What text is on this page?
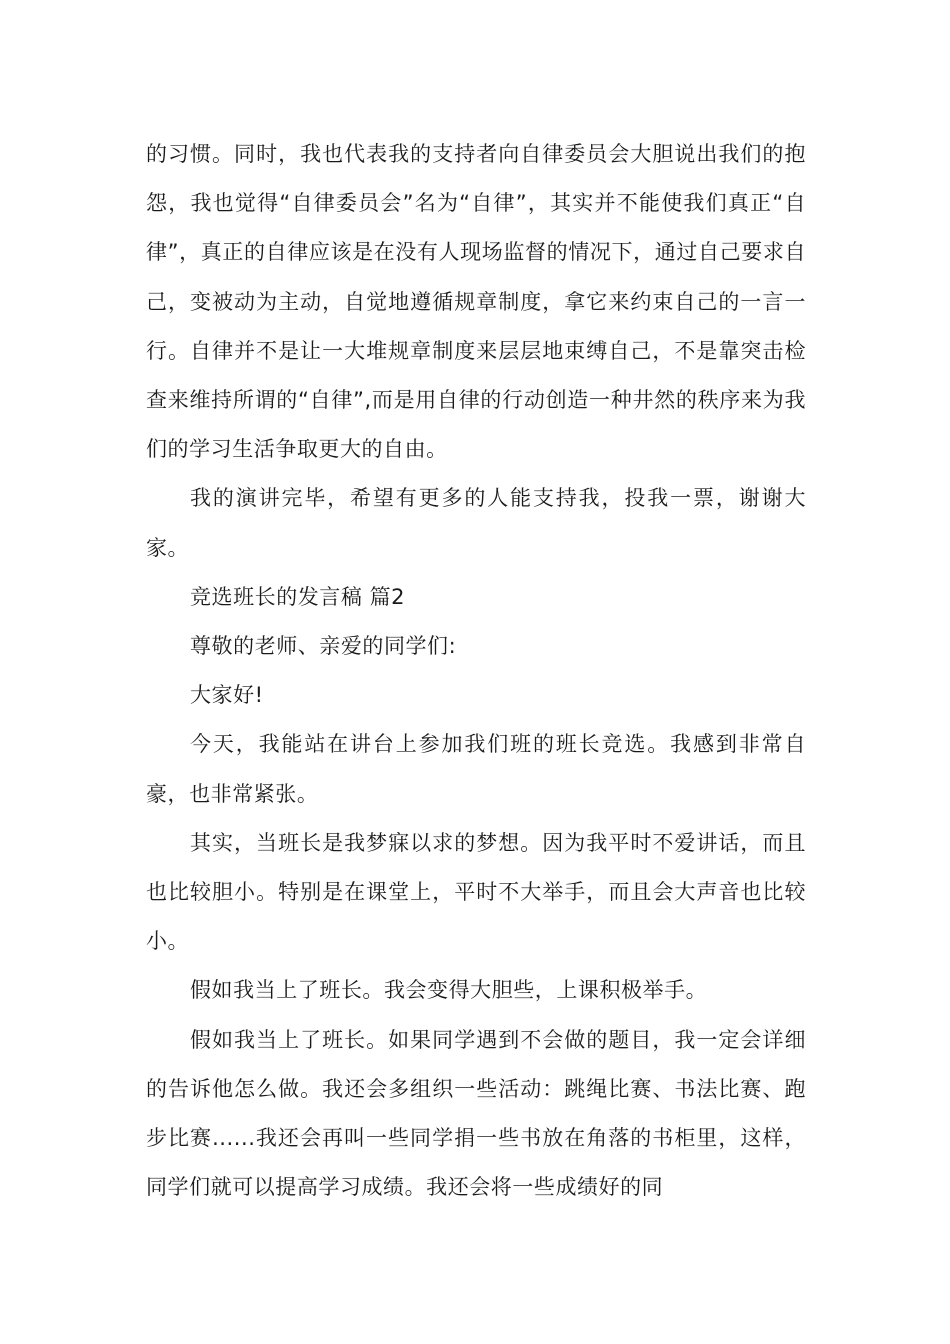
的习惯。同时，我也代表我的支持者向自律委员会大胆说出我们的抱怨，我也觉得“自律委员会”名为“自律”，其实并不能使我们真正“自律”，真正的自律应该是在没有人现场监督的情况下，通过自己要求自己，变被动为主动，自觉地遵循规章制度，拿它来约束自己的一言一行。自律并不是让一大堆规章制度来层层地束缚自己，不是靠突击检查来维持所谓的“自律”,而是用自律的行动创造一种井然的秩序来为我们的学习生活争取更大的自由。

我的演讲完毕，希望有更多的人能支持我，投我一票，谢谢大家。

竞选班长的发言稿 篇2

尊敬的老师、亲爱的同学们:

大家好!

今天，我能站在讲台上参加我们班的班长竞选。我感到非常自豪，也非常紧张。

其实，当班长是我梦寐以求的梦想。因为我平时不爱讲话，而且也比较胆小。特别是在课堂上，平时不大举手，而且会大声音也比较小。

假如我当上了班长。我会变得大胆些，上课积极举手。

假如我当上了班长。如果同学遇到不会做的题目，我一定会详细的告诉他怎么做。我还会多组织一些活动：跳绳比赛、书法比赛、跑步比赛......我还会再叫一些同学捐一些书放在角落的书柜里，这样，同学们就可以提高学习成绩。我还会将一些成绩好的同
